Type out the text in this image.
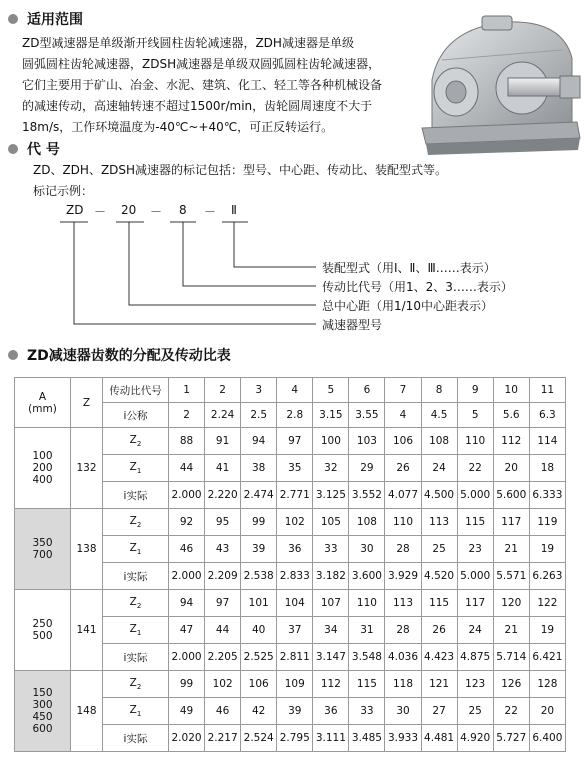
适用范围
ZD型减速器是单级渐开线圆柱齿轮减速器，ZDH减速器是单级
圆弧圆柱齿轮减速器，ZDSH减速器是单级双圆弧圆柱齿轮减速器，
它们主要用于矿山、冶金、水泥、建筑、化工、轻工等各种机械设备
的减速传动，高速轴转速不超过1500r/min，齿轮圆周速度不大于
18m/s，工作环境温度为-40℃~+40℃，可正反转运行。
代 号
ZD、ZDH、ZDSH减速器的标记包括：型号、中心距、传动比、装配型式等。
标记示例：
ZD － 20 － 8 － Ⅱ
装配型式（用Ⅰ、Ⅱ、Ⅲ……表示）
传动比代号（用1、2、3……表示）
总中心距（用1/10中心距表示）
减速器型号
ZD减速器齿数的分配及传动比表
A
(mm)	Z	传动比代号	1	2	3	4	5	6	7	8	9	10	11
		i公称	2	2.24	2.5	2.8	3.15	3.55	4	4.5	5	5.6	6.3

100
200
400	132	$Z_2$	88	91	94	97	100	103	106	108	110	112	114
		$Z_1$	44	41	38	35	32	29	26	24	22	20	18
		i实际	2.000	2.220	2.474	2.771	3.125	3.552	4.077	4.500	5.000	5.600	6.333

350
700	138	$Z_2$	92	95	99	102	105	108	110	113	115	117	119
		$Z_1$	46	43	39	36	33	30	28	25	23	21	19
		i实际	2.000	2.209	2.538	2.833	3.182	3.600	3.929	4.520	5.000	5.571	6.263

250
500	141	$Z_2$	94	97	101	104	107	110	113	115	117	120	122
		$Z_1$	47	44	40	37	34	31	28	26	24	21	19
		i实际	2.000	2.205	2.525	2.811	3.147	3.548	4.036	4.423	4.875	5.714	6.421

150
300
450
600	148	$Z_2$	99	102	106	109	112	115	118	121	123	126	128
		$Z_1$	49	46	42	39	36	33	30	27	25	22	20
		i实际	2.020	2.217	2.524	2.795	3.111	3.485	3.933	4.481	4.920	5.727	6.400
